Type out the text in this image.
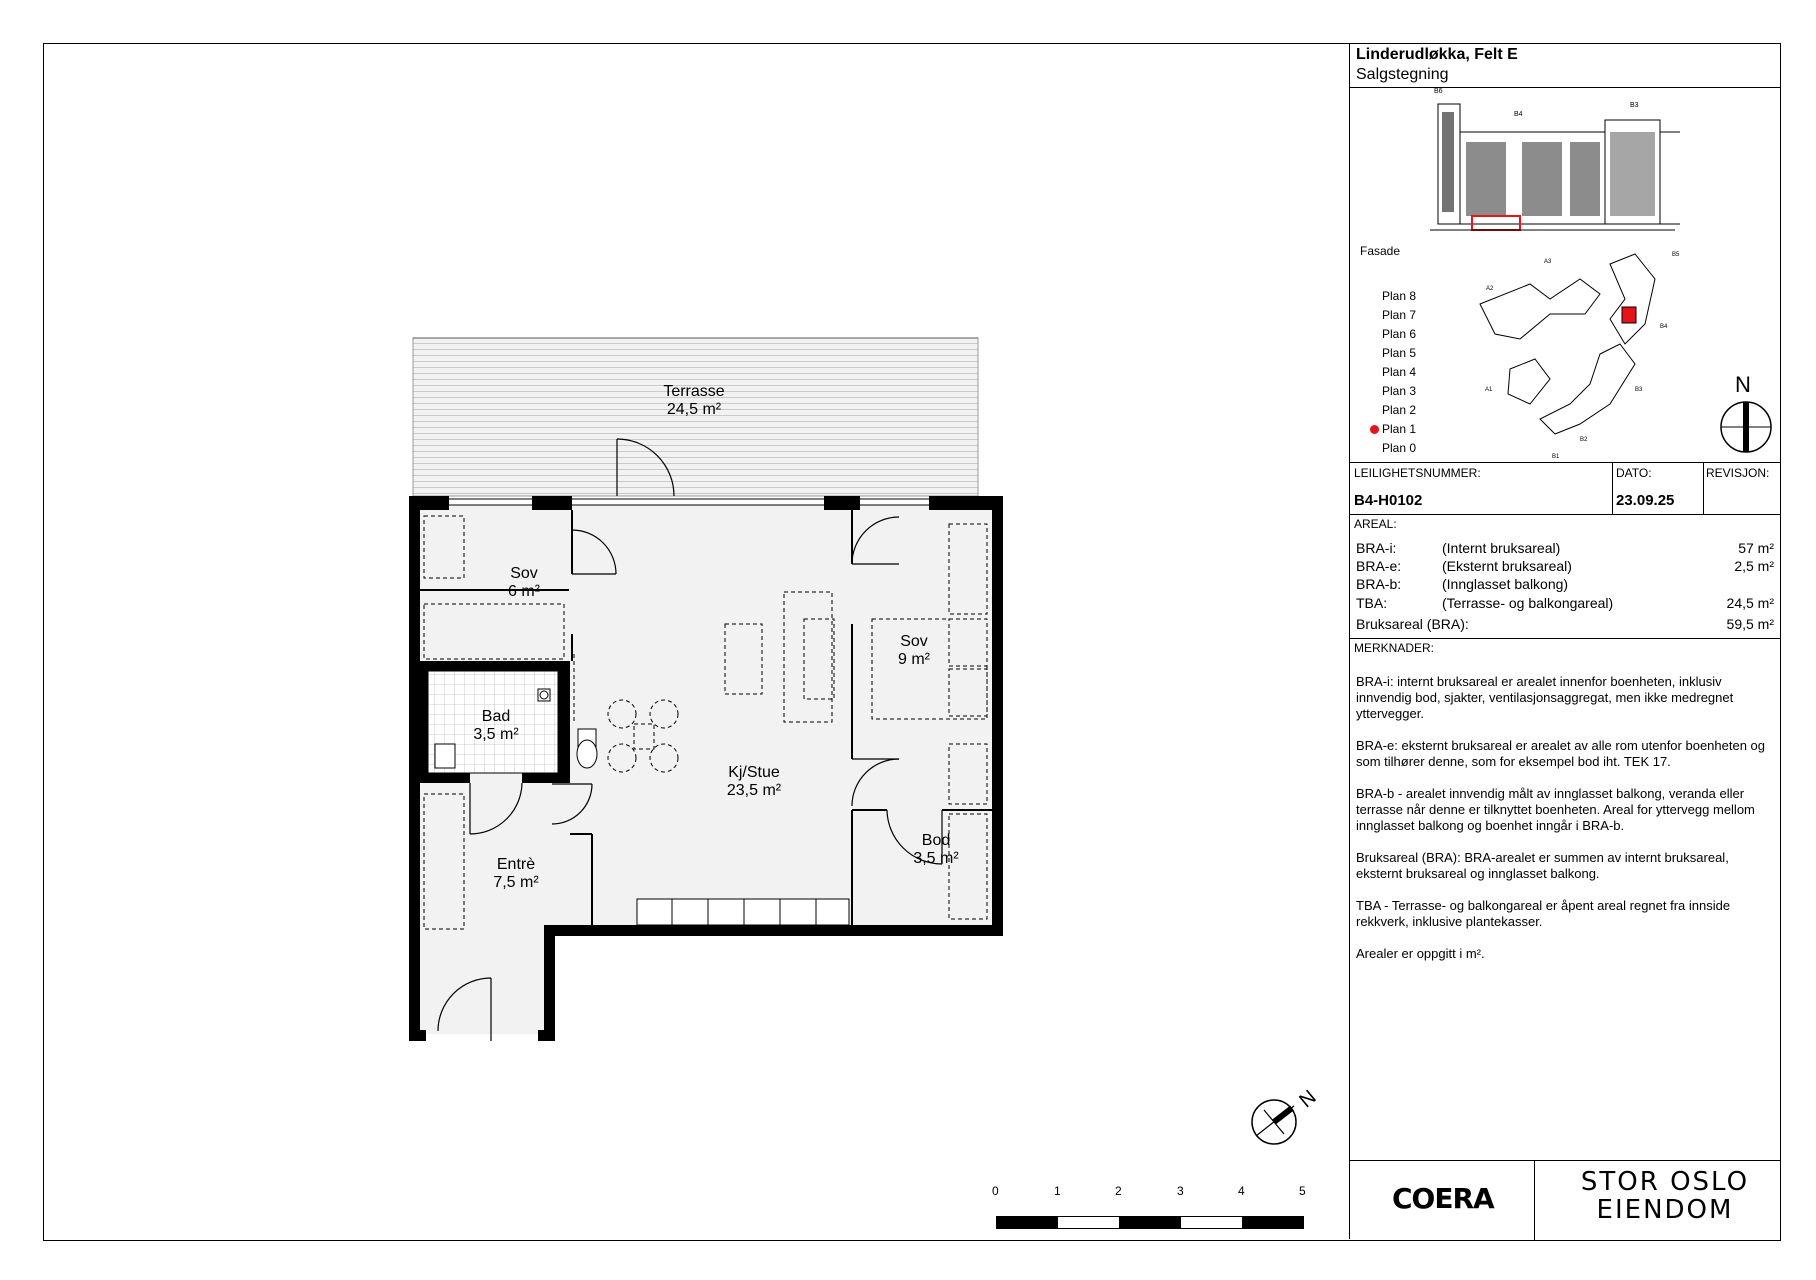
Terrasse
24,5 m²
Sov
6 m²
Bad
3,5 m²
Kj/Stue
23,5 m²
Sov
9 m²
Bod
3,5 m²
Entrè
7,5 m²
N
0	1	2	3	4	5
Linderudløkka, Felt E
Salgstegning
B6
B4
B3
Fasade
Plan 8
Plan 7
Plan 6
Plan 5
Plan 4
Plan 3
Plan 2
Plan 1
Plan 0
A3
A2
A1
B5
B4
B3
B2
B1
N
LEILIGHETSNUMMER:
B4-H0102
DATO:
23.09.25
REVISJON:
AREAL:
BRA-i:	(Internt bruksareal)	57 m²
BRA-e:	(Eksternt bruksareal)	2,5 m²
BRA-b:	(Innglasset balkong)
TBA:	(Terrasse- og balkongareal)	24,5 m²
Bruksareal (BRA):	59,5 m²
MERKNADER:

BRA-i: internt bruksareal er arealet innenfor boenheten, inklusiv innvendig bod, sjakter, ventilasjonsaggregat, men ikke medregnet yttervegger.

BRA-e: eksternt bruksareal er arealet av alle rom utenfor boenheten og som tilhører denne, som for eksempel bod iht. TEK 17.

BRA-b - arealet innvendig målt av innglasset balkong, veranda eller terrasse når denne er tilknyttet boenheten. Areal for yttervegg mellom innglasset balkong og boenhet inngår i BRA-b.

Bruksareal (BRA): BRA-arealet er summen av internt bruksareal, eksternt bruksareal og innglasset balkong.

TBA - Terrasse- og balkongareal er åpent areal regnet fra innside rekkverk, inklusive plantekasser.

Arealer er oppgitt i m².

COERA	STOR OSLO
EIENDOM
